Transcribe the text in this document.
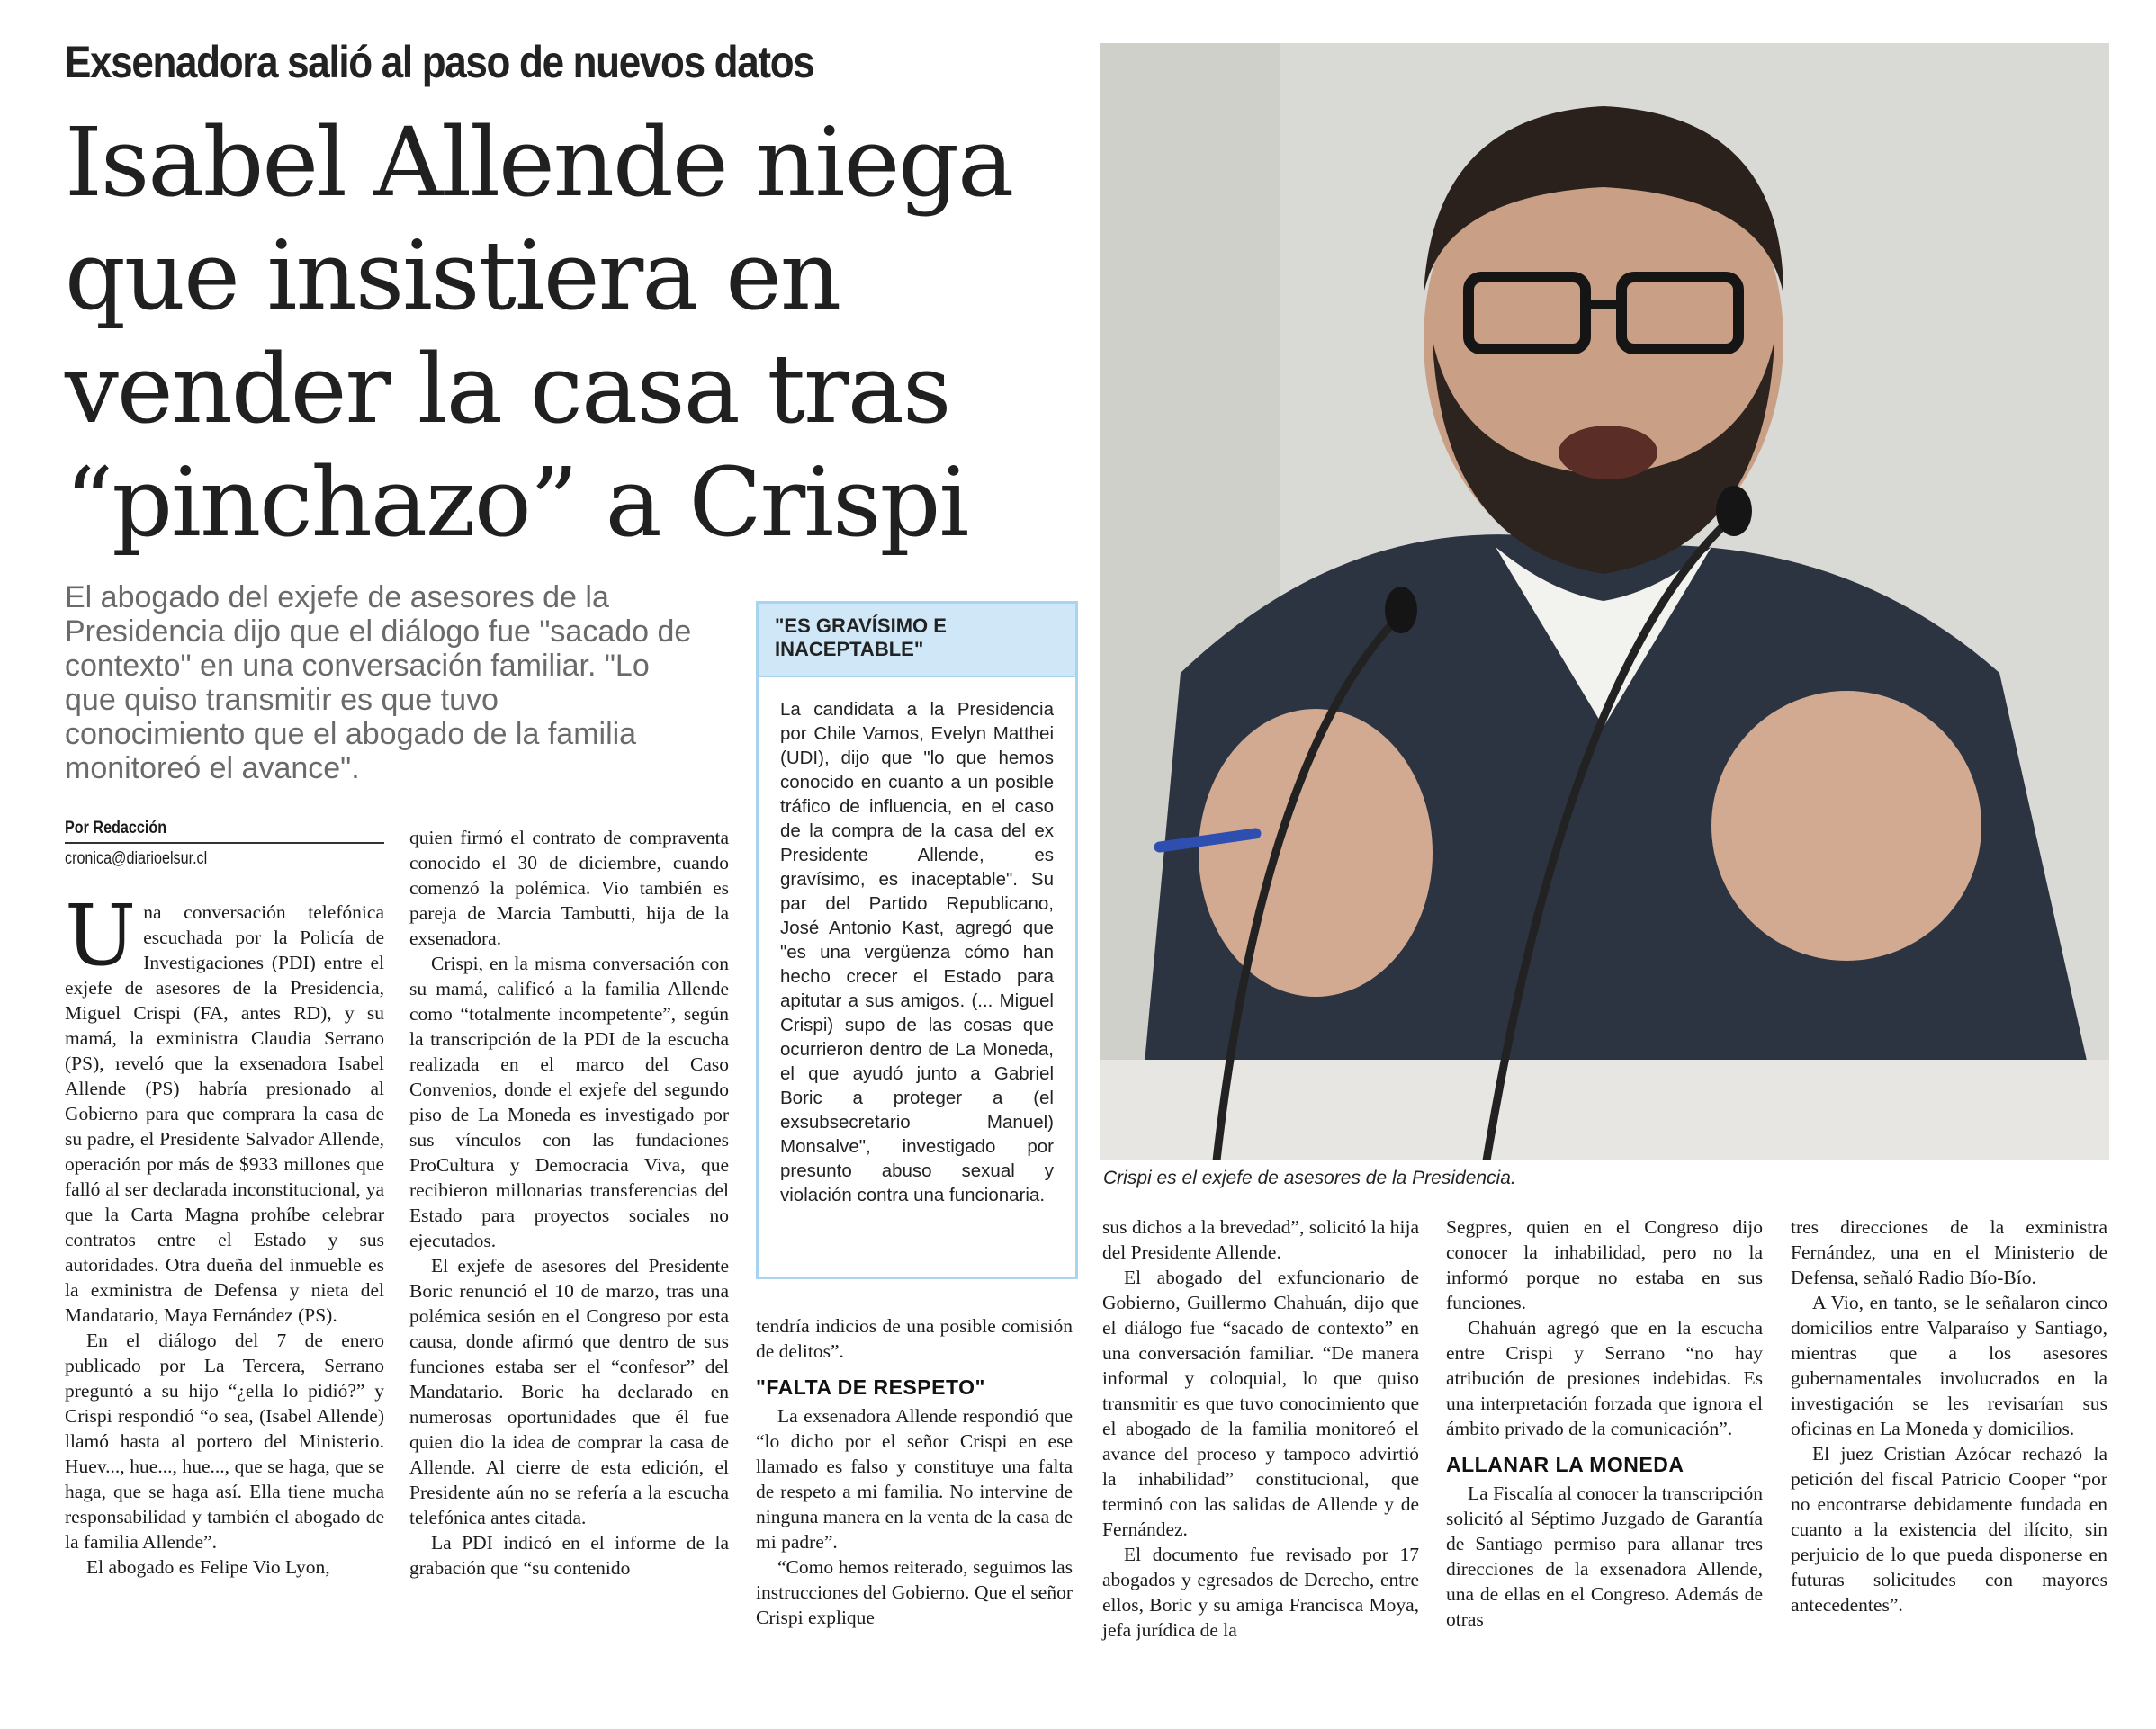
Exsenadora salió al paso de nuevos datos
Isabel Allende niega
que insistiera en
vender la casa tras
“pinchazo” a Crispi
El abogado del exjefe de asesores de la
Presidencia dijo que el diálogo fue "sacado de
contexto" en una conversación familiar. "Lo
que quiso transmitir es que tuvo
conocimiento que el abogado de la familia
monitoreó el avance".
Por Redacción
cronica@diarioelsur.cl

Una conversación telefónica escuchada por la Policía de Investigaciones (PDI) entre el exjefe de asesores de la Presidencia, Miguel Crispi (FA, antes RD), y su mamá, la exministra Claudia Serrano (PS), reveló que la exsenadora Isabel Allende (PS) habría presionado al Gobierno para que comprara la casa de su padre, el Presidente Salvador Allende, operación por más de $933 millones que falló al ser declarada inconstitucional, ya que la Carta Magna prohíbe celebrar contratos entre el Estado y sus autoridades. Otra dueña del inmueble es la exministra de Defensa y nieta del Mandatario, Maya Fernández (PS).

En el diálogo del 7 de enero publicado por La Tercera, Serrano preguntó a su hijo “¿ella lo pidió?” y Crispi respondió “o sea, (Isabel Allende) llamó hasta al portero del Ministerio. Huev..., hue..., hue..., que se haga, que se haga, que se haga así. Ella tiene mucha responsabilidad y también el abogado de la familia Allende”.

El abogado es Felipe Vio Lyon,

quien firmó el contrato de compraventa conocido el 30 de diciembre, cuando comenzó la polémica. Vio también es pareja de Marcia Tambutti, hija de la exsenadora.

Crispi, en la misma conversación con su mamá, calificó a la familia Allende como “totalmente incompetente”, según la transcripción de la PDI de la escucha realizada en el marco del Caso Convenios, donde el exjefe del segundo piso de La Moneda es investigado por sus vínculos con las fundaciones ProCultura y Democracia Viva, que recibieron millonarias transferencias del Estado para proyectos sociales no ejecutados.

El exjefe de asesores del Presidente Boric renunció el 10 de marzo, tras una polémica sesión en el Congreso por esta causa, donde afirmó que dentro de sus funciones estaba ser el “confesor” del Mandatario. Boric ha declarado en numerosas oportunidades que él fue quien dio la idea de comprar la casa de Allende. Al cierre de esta edición, el Presidente aún no se refería a la escucha telefónica antes citada.

La PDI indicó en el informe de la grabación que “su contenido

"ES GRAVÍSIMO E INACEPTABLE"
La candidata a la Presidencia por Chile Vamos, Evelyn Matthei (UDI), dijo que "lo que hemos conocido en cuanto a un posible tráfico de influencia, en el caso de la compra de la casa del ex Presidente Allende, es gravísimo, es inaceptable". Su par del Partido Republicano, José Antonio Kast, agregó que "es una vergüenza cómo han hecho crecer el Estado para apitutar a sus amigos. (... Miguel Crispi) supo de las cosas que ocurrieron dentro de La Moneda, el que ayudó junto a Gabriel Boric a proteger a (el exsubsecretario Manuel) Monsalve", investigado por presunto abuso sexual y violación contra una funcionaria.

tendría indicios de una posible comisión de delitos”.

"FALTA DE RESPETO"

La exsenadora Allende respondió que “lo dicho por el señor Crispi en ese llamado es falso y constituye una falta de respeto a mi familia. No intervine de ninguna manera en la venta de la casa de mi padre”.

“Como hemos reiterado, seguimos las instrucciones del Gobierno. Que el señor Crispi explique

Crispi es el exjefe de asesores de la Presidencia.

sus dichos a la brevedad”, solicitó la hija del Presidente Allende.

El abogado del exfuncionario de Gobierno, Guillermo Chahuán, dijo que el diálogo fue “sacado de contexto” en una conversación familiar. “De manera informal y coloquial, lo que quiso transmitir es que tuvo conocimiento que el abogado de la familia monitoreó el avance del proceso y tampoco advirtió la inhabilidad” constitucional, que terminó con las salidas de Allende y de Fernández.

El documento fue revisado por 17 abogados y egresados de Derecho, entre ellos, Boric y su amiga Francisca Moya, jefa jurídica de la

Segpres, quien en el Congreso dijo conocer la inhabilidad, pero no la informó porque no estaba en sus funciones.

Chahuán agregó que en la escucha entre Crispi y Serrano “no hay atribución de presiones indebidas. Es una interpretación forzada que ignora el ámbito privado de la comunicación”.

ALLANAR LA MONEDA

La Fiscalía al conocer la transcripción solicitó al Séptimo Juzgado de Garantía de Santiago permiso para allanar tres direcciones de la exsenadora Allende, una de ellas en el Congreso. Además de otras

tres direcciones de la exministra Fernández, una en el Ministerio de Defensa, señaló Radio Bío-Bío.

A Vio, en tanto, se le señalaron cinco domicilios entre Valparaíso y Santiago, mientras que a los asesores gubernamentales involucrados en la investigación se les revisarían sus oficinas en La Moneda y domicilios.

El juez Cristian Azócar rechazó la petición del fiscal Patricio Cooper “por no encontrarse debidamente fundada en cuanto a la existencia del ilícito, sin perjuicio de lo que pueda disponerse en futuras solicitudes con mayores antecedentes”.
